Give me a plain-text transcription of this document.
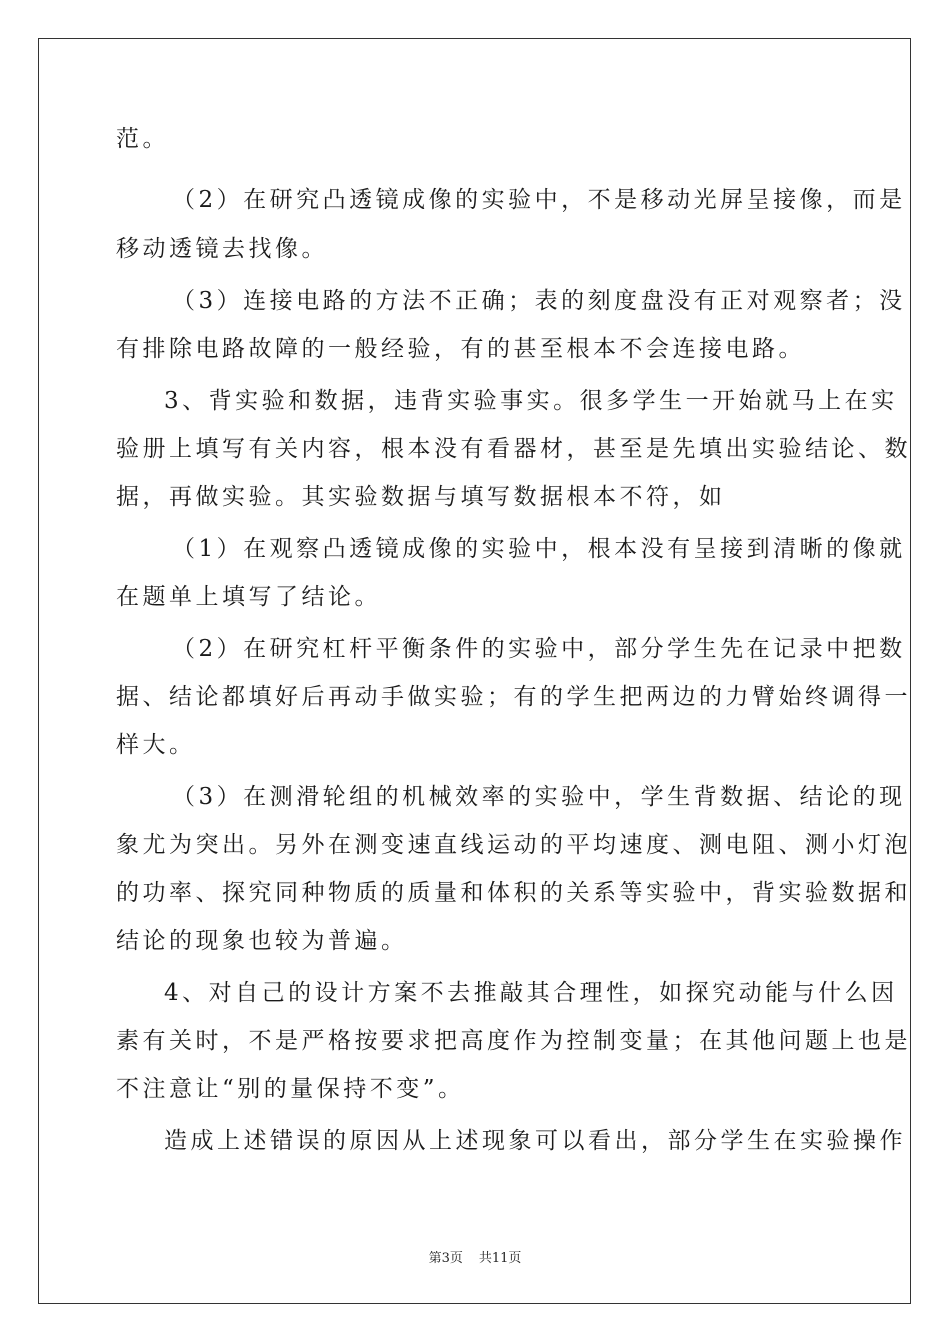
范。
（2）在研究凸透镜成像的实验中，不是移动光屏呈接像，而是
移动透镜去找像。
（3）连接电路的方法不正确；表的刻度盘没有正对观察者；没
有排除电路故障的一般经验，有的甚至根本不会连接电路。
3、背实验和数据，违背实验事实。很多学生一开始就马上在实
验册上填写有关内容，根本没有看器材，甚至是先填出实验结论、数
据，再做实验。其实验数据与填写数据根本不符，如
（1）在观察凸透镜成像的实验中，根本没有呈接到清晰的像就
在题单上填写了结论。
（2）在研究杠杆平衡条件的实验中，部分学生先在记录中把数
据、结论都填好后再动手做实验；有的学生把两边的力臂始终调得一
样大。
（3）在测滑轮组的机械效率的实验中，学生背数据、结论的现
象尤为突出。另外在测变速直线运动的平均速度、测电阻、测小灯泡
的功率、探究同种物质的质量和体积的关系等实验中，背实验数据和
结论的现象也较为普遍。
4、对自己的设计方案不去推敲其合理性，如探究动能与什么因
素有关时，不是严格按要求把高度作为控制变量；在其他问题上也是
不注意让“别的量保持不变”。
造成上述错误的原因从上述现象可以看出，部分学生在实验操作
第3页 共11页
